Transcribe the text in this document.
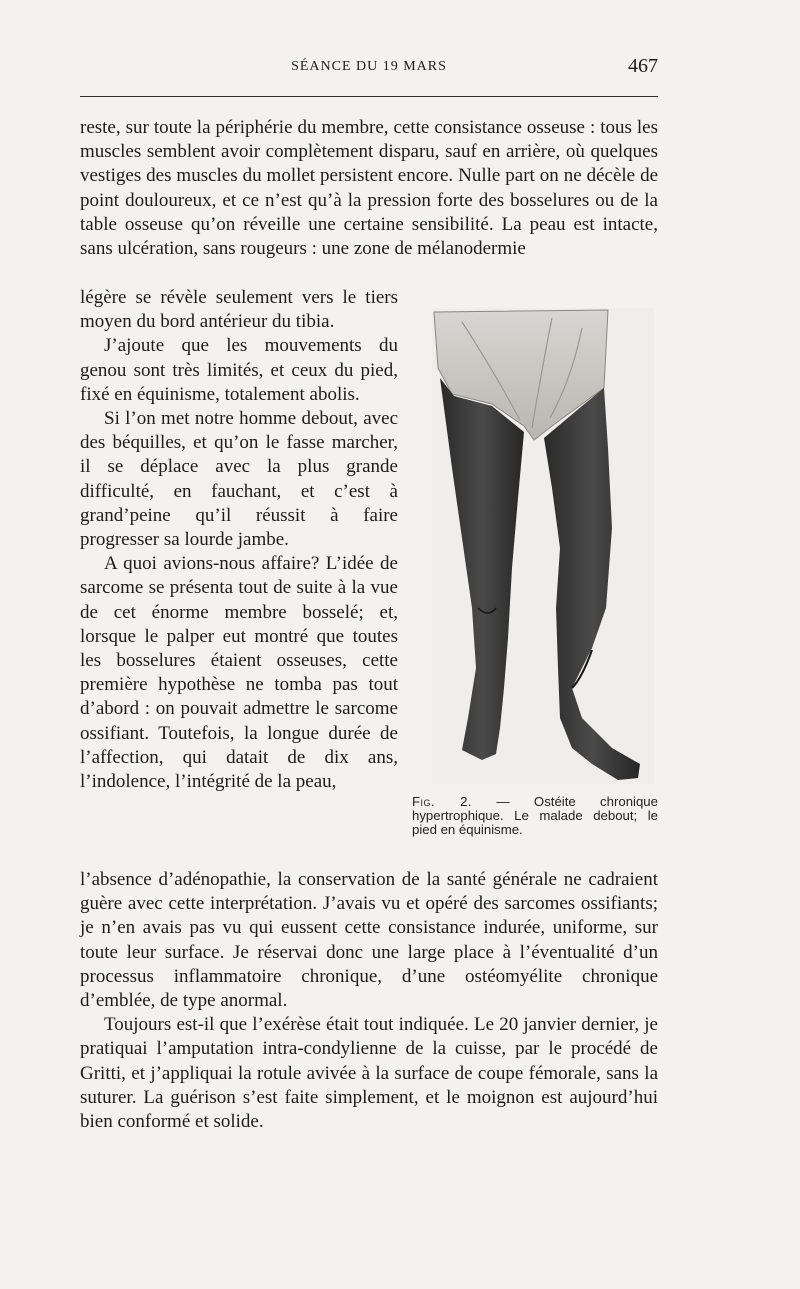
SÉANCE DU 19 MARS	467

reste, sur toute la périphérie du membre, cette consistance osseuse : tous les muscles semblent avoir complètement disparu, sauf en arrière, où quelques vestiges des muscles du mollet persistent encore. Nulle part on ne décèle de point douloureux, et ce n’est qu’à la pression forte des bosselures ou de la table osseuse qu’on réveille une certaine sensibilité. La peau est intacte, sans ulcération, sans rougeurs : une zone de mélanodermie

légère se révèle seulement vers le tiers moyen du bord antérieur du tibia.

J’ajoute que les mouvements du genou sont très limités, et ceux du pied, fixé en équinisme, totalement abolis.

Si l’on met notre homme debout, avec des béquilles, et qu’on le fasse marcher, il se déplace avec la plus grande difficulté, en fauchant, et c’est à grand’peine qu’il réussit à faire progresser sa lourde jambe.

A quoi avions-nous affaire? L’idée de sarcome se présenta tout de suite à la vue de cet énorme membre bosselé; et, lorsque le palper eut montré que toutes les bosselures étaient osseuses, cette première hypothèse ne tomba pas tout d’abord : on pouvait admettre le sarcome ossifiant. Toutefois, la longue durée de l’affection, qui datait de dix ans, l’indolence, l’intégrité de la peau,

Fig. 2. — Ostéite chronique hypertrophique. Le malade debout; le pied en équinisme.

l’absence d’adénopathie, la conservation de la santé générale ne cadraient guère avec cette interprétation. J’avais vu et opéré des sarcomes ossifiants; je n’en avais pas vu qui eussent cette consistance indurée, uniforme, sur toute leur surface. Je réservai donc une large place à l’éventualité d’un processus inflammatoire chronique, d’une ostéomyélite chronique d’emblée, de type anormal.

Toujours est-il que l’exérèse était tout indiquée. Le 20 janvier dernier, je pratiquai l’amputation intra-condylienne de la cuisse, par le procédé de Gritti, et j’appliquai la rotule avivée à la surface de coupe fémorale, sans la suturer. La guérison s’est faite simplement, et le moignon est aujourd’hui bien conformé et solide.
